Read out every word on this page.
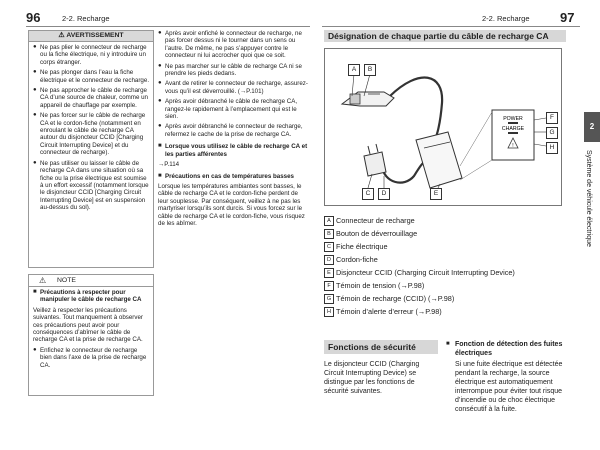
96	2-2. Recharge	2-2. Recharge 97
⚠ AVERTISSEMENT
● Ne pas plier le connecteur de recharge ou la fiche électrique, ni y introduire un corps étranger.
● Ne pas plonger dans l’eau la fiche électrique et le connecteur de recharge.
● Ne pas approcher le câble de recharge CA d’une source de chaleur, comme un appareil de chauffage par exemple.
● Ne pas forcer sur le câble de recharge CA et le cordon-fiche (notamment en enroulant le câble de recharge CA autour du disjoncteur CCID [Charging Circuit Interrupting Device] et du connecteur de recharge).
● Ne pas utiliser ou laisser le câble de recharge CA dans une situation où sa fiche ou la prise électrique est soumise à un effort excessif (notamment lorsque le disjoncteur CCID [Charging Circuit Interrupting Device] est en suspension au-dessus du sol).
⚠ NOTE
■ Précautions à respecter pour manipuler le câble de recharge CA
Veillez à respecter les précautions suivantes. Tout manquement à observer ces précautions peut avoir pour conséquences d’abîmer le câble de recharge CA et la prise de recharge CA.
● Enfichez le connecteur de recharge bien dans l’axe de la prise de recharge CA.
● Après avoir enfiché le connecteur de recharge, ne pas forcer dessus ni le tourner dans un sens ou l’autre. De même, ne pas s’appuyer contre le connecteur ni lui accrocher quoi que ce soit.
● Ne pas marcher sur le câble de recharge CA ni se prendre les pieds dedans.
● Avant de retirer le connecteur de recharge, assurez-vous qu’il est déverrouillé. (→P.101)
● Après avoir débranché le câble de recharge CA, rangez-le rapidement à l’emplacement qui est le sien.
● Après avoir débranché le connecteur de recharge, refermez le cache de la prise de recharge CA.
■ Lorsque vous utilisez le câble de recharge CA et les parties afférentes
→P.114
■ Précautions en cas de températures basses
Lorsque les températures ambiantes sont basses, le câble de recharge CA et le cordon-fiche perdent de leur souplesse. Par conséquent, veillez à ne pas les martyriser lorsqu’ils sont durcis. Si vous forcez sur le câble de recharge CA et le cordon-fiche, vous risquez de les abîmer.
Désignation de chaque partie du câble de recharge CA
POWER
CHARGE
!
A	B
C	D	E
F
G
H
A Connecteur de recharge
B Bouton de déverrouillage
C Fiche électrique
D Cordon-fiche
E Disjoncteur CCID (Charging Circuit Interrupting Device)
F Témoin de tension (→P.98)
G Témoin de recharge (CCID) (→P.98)
H Témoin d’alerte d’erreur (→P.98)
Fonctions de sécurité
Le disjoncteur CCID (Charging Circuit Interrupting Device) se distingue par les fonctions de sécurité suivantes.
■ Fonction de détection des fuites électriques
Si une fuite électrique est détectée pendant la recharge, la source électrique est automatiquement interrompue pour éviter tout risque d’incendie ou de choc électrique consécutif à la fuite.
2
Système de véhicule électrique
